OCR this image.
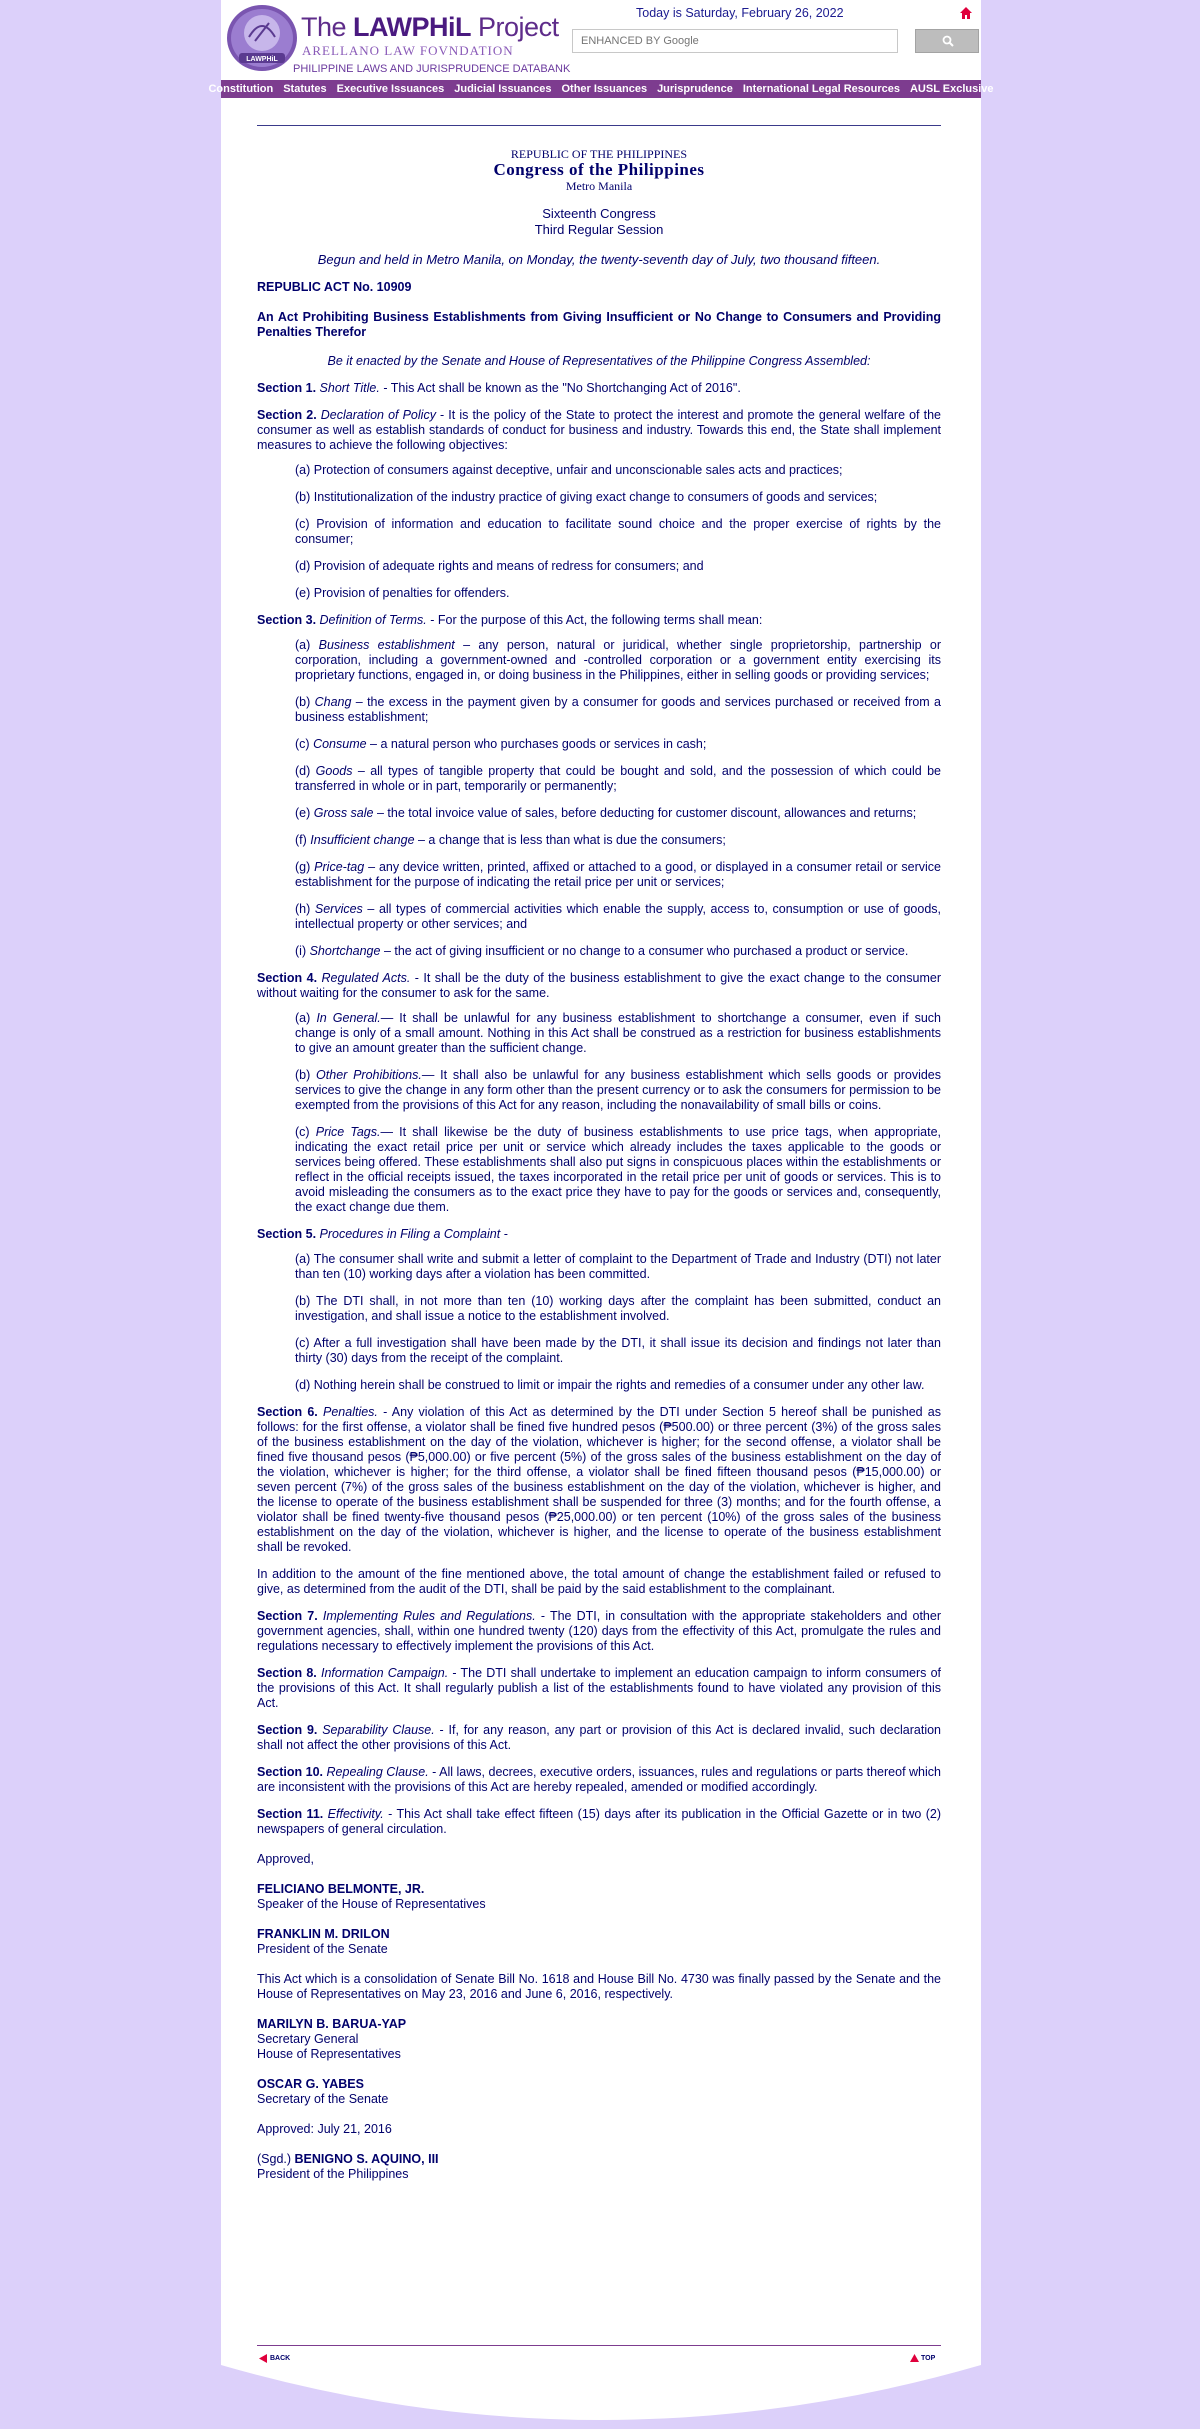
LAWPHiL
The LAWPHiL Project
ARELLANO LAW FOVNDATION
PHILIPPINE LAWS AND JURISPRUDENCE DATABANK
Today is Saturday, February 26, 2022
ENHANCED BY Google
Constitution Statutes Executive Issuances Judicial Issuances Other Issuances Jurisprudence International Legal Resources AUSL Exclusive
REPUBLIC OF THE PHILIPPINES
Congress of the Philippines
Metro Manila
Sixteenth Congress
Third Regular Session
Begun and held in Metro Manila, on Monday, the twenty-seventh day of July, two thousand fifteen.

REPUBLIC ACT No. 10909

An Act Prohibiting Business Establishments from Giving Insufficient or No Change to Consumers and Providing Penalties Therefor

Be it enacted by the Senate and House of Representatives of the Philippine Congress Assembled:

Section 1. Short Title. - This Act shall be known as the "No Shortchanging Act of 2016".

Section 2. Declaration of Policy - It is the policy of the State to protect the interest and promote the general welfare of the consumer as well as establish standards of conduct for business and industry. Towards this end, the State shall implement measures to achieve the following objectives:

(a) Protection of consumers against deceptive, unfair and unconscionable sales acts and practices;

(b) Institutionalization of the industry practice of giving exact change to consumers of goods and services;

(c) Provision of information and education to facilitate sound choice and the proper exercise of rights by the consumer;

(d) Provision of adequate rights and means of redress for consumers; and

(e) Provision of penalties for offenders.

Section 3. Definition of Terms. - For the purpose of this Act, the following terms shall mean:

(a) Business establishment – any person, natural or juridical, whether single proprietorship, partnership or corporation, including a government-owned and -controlled corporation or a government entity exercising its proprietary functions, engaged in, or doing business in the Philippines, either in selling goods or providing services;

(b) Chang – the excess in the payment given by a consumer for goods and services purchased or received from a business establishment;

(c) Consume – a natural person who purchases goods or services in cash;

(d) Goods – all types of tangible property that could be bought and sold, and the possession of which could be transferred in whole or in part, temporarily or permanently;

(e) Gross sale – the total invoice value of sales, before deducting for customer discount, allowances and returns;

(f) Insufficient change – a change that is less than what is due the consumers;

(g) Price-tag – any device written, printed, affixed or attached to a good, or displayed in a consumer retail or service establishment for the purpose of indicating the retail price per unit or services;

(h) Services – all types of commercial activities which enable the supply, access to, consumption or use of goods, intellectual property or other services; and

(i) Shortchange – the act of giving insufficient or no change to a consumer who purchased a product or service.

Section 4. Regulated Acts. - It shall be the duty of the business establishment to give the exact change to the consumer without waiting for the consumer to ask for the same.

(a) In General.— It shall be unlawful for any business establishment to shortchange a consumer, even if such change is only of a small amount. Nothing in this Act shall be construed as a restriction for business establishments to give an amount greater than the sufficient change.

(b) Other Prohibitions.— It shall also be unlawful for any business establishment which sells goods or provides services to give the change in any form other than the present currency or to ask the consumers for permission to be exempted from the provisions of this Act for any reason, including the nonavailability of small bills or coins.

(c) Price Tags.— It shall likewise be the duty of business establishments to use price tags, when appropriate, indicating the exact retail price per unit or service which already includes the taxes applicable to the goods or services being offered. These establishments shall also put signs in conspicuous places within the establishments or reflect in the official receipts issued, the taxes incorporated in the retail price per unit of goods or services. This is to avoid misleading the consumers as to the exact price they have to pay for the goods or services and, consequently, the exact change due them.

Section 5. Procedures in Filing a Complaint -

(a) The consumer shall write and submit a letter of complaint to the Department of Trade and Industry (DTI) not later than ten (10) working days after a violation has been committed.

(b) The DTI shall, in not more than ten (10) working days after the complaint has been submitted, conduct an investigation, and shall issue a notice to the establishment involved.

(c) After a full investigation shall have been made by the DTI, it shall issue its decision and findings not later than thirty (30) days from the receipt of the complaint.

(d) Nothing herein shall be construed to limit or impair the rights and remedies of a consumer under any other law.

Section 6. Penalties. - Any violation of this Act as determined by the DTI under Section 5 hereof shall be punished as follows: for the first offense, a violator shall be fined five hundred pesos (₱500.00) or three percent (3%) of the gross sales of the business establishment on the day of the violation, whichever is higher; for the second offense, a violator shall be fined five thousand pesos (₱5,000.00) or five percent (5%) of the gross sales of the business establishment on the day of the violation, whichever is higher; for the third offense, a violator shall be fined fifteen thousand pesos (₱15,000.00) or seven percent (7%) of the gross sales of the business establishment on the day of the violation, whichever is higher, and the license to operate of the business establishment shall be suspended for three (3) months; and for the fourth offense, a violator shall be fined twenty-five thousand pesos (₱25,000.00) or ten percent (10%) of the gross sales of the business establishment on the day of the violation, whichever is higher, and the license to operate of the business establishment shall be revoked.

In addition to the amount of the fine mentioned above, the total amount of change the establishment failed or refused to give, as determined from the audit of the DTI, shall be paid by the said establishment to the complainant.

Section 7. Implementing Rules and Regulations. - The DTI, in consultation with the appropriate stakeholders and other government agencies, shall, within one hundred twenty (120) days from the effectivity of this Act, promulgate the rules and regulations necessary to effectively implement the provisions of this Act.

Section 8. Information Campaign. - The DTI shall undertake to implement an education campaign to inform consumers of the provisions of this Act. It shall regularly publish a list of the establishments found to have violated any provision of this Act.

Section 9. Separability Clause. - If, for any reason, any part or provision of this Act is declared invalid, such declaration shall not affect the other provisions of this Act.

Section 10. Repealing Clause. - All laws, decrees, executive orders, issuances, rules and regulations or parts thereof which are inconsistent with the provisions of this Act are hereby repealed, amended or modified accordingly.

Section 11. Effectivity. - This Act shall take effect fifteen (15) days after its publication in the Official Gazette or in two (2) newspapers of general circulation.

Approved,

FELICIANO BELMONTE, JR.
Speaker of the House of Representatives

FRANKLIN M. DRILON
President of the Senate

This Act which is a consolidation of Senate Bill No. 1618 and House Bill No. 4730 was finally passed by the Senate and the House of Representatives on May 23, 2016 and June 6, 2016, respectively.

MARILYN B. BARUA-YAP
Secretary General
House of Representatives

OSCAR G. YABES
Secretary of the Senate

Approved: July 21, 2016

(Sgd.) BENIGNO S. AQUINO, III
President of the Philippines

BACK	TOP
